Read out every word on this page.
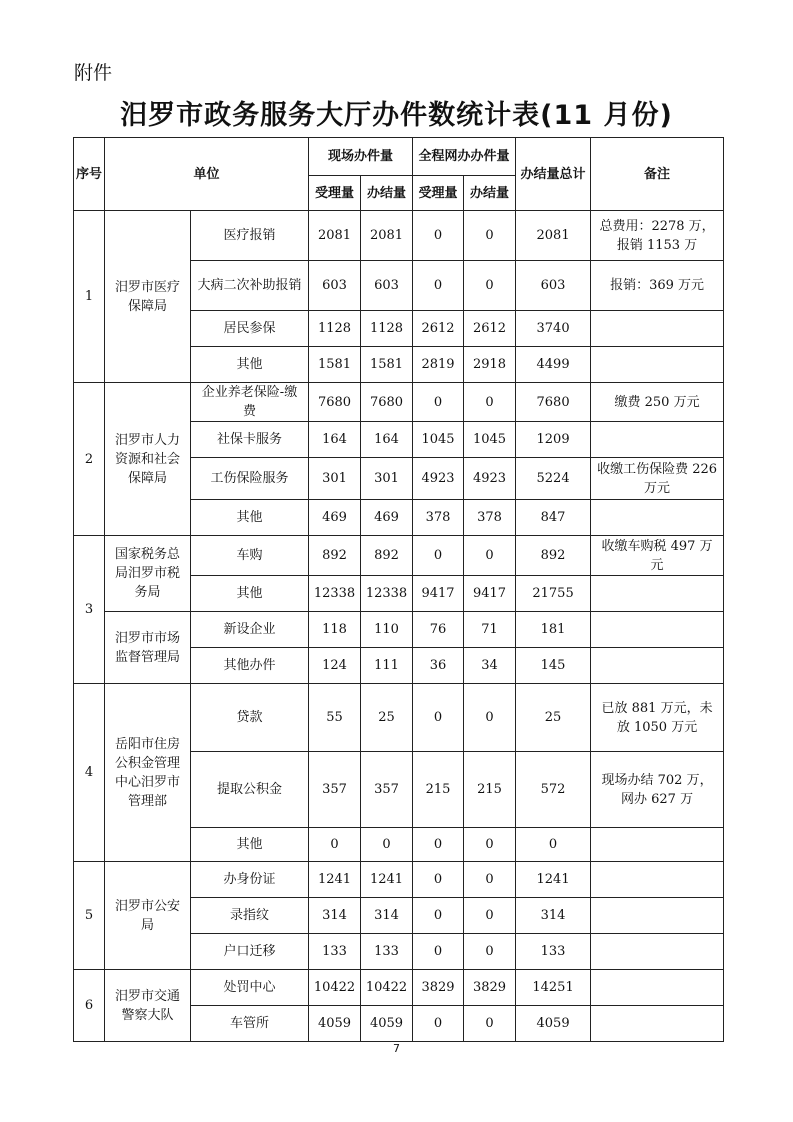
附件
汨罗市政务服务大厅办件数统计表(11 月份)
序号	单位		现场办件量		全程网办办件量		办结量总计	备注
			受理量	办结量	受理量	办结量		
1	汨罗市医疗保障局	医疗报销	2081	2081	0	0	2081	总费用：2278 万，报销 1153 万
		大病二次补助报销	603	603	0	0	603	报销：369 万元
		居民参保	1128	1128	2612	2612	3740	
		其他	1581	1581	2819	2918	4499	
2	汨罗市人力资源和社会保障局	企业养老保险-缴费	7680	7680	0	0	7680	缴费 250 万元
		社保卡服务	164	164	1045	1045	1209	
		工伤保险服务	301	301	4923	4923	5224	收缴工伤保险费 226 万元
		其他	469	469	378	378	847	
3	国家税务总局汨罗市税务局	车购	892	892	0	0	892	收缴车购税 497 万元
		其他	12338	12338	9417	9417	21755	
	汨罗市市场监督管理局	新设企业	118	110	76	71	181	
		其他办件	124	111	36	34	145	
4	岳阳市住房公积金管理中心汨罗市管理部	贷款	55	25	0	0	25	已放 881 万元，未放 1050 万元
		提取公积金	357	357	215	215	572	现场办结 702 万，网办 627 万
		其他	0	0	0	0	0	
5	汨罗市公安局	办身份证	1241	1241	0	0	1241	
		录指纹	314	314	0	0	314	
		户口迁移	133	133	0	0	133	
6	汨罗市交通警察大队	处罚中心	10422	10422	3829	3829	14251	
		车管所	4059	4059	0	0	4059	
7
